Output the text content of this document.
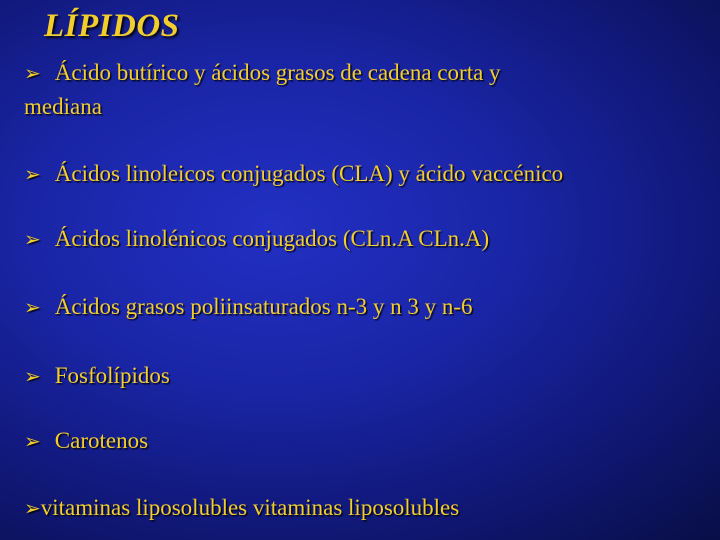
LÍPIDOS
➢ Ácido butírico y ácidos grasos de cadena corta y
mediana
➢ Ácidos linoleicos conjugados (CLA) y ácido vaccénico
➢ Ácidos linolénicos conjugados (CLn.A CLn.A)
➢ Ácidos grasos poliinsaturados n-3 y n 3 y n-6
➢ Fosfolípidos
➢ Carotenos
➢vitaminas liposolubles vitaminas liposolubles
